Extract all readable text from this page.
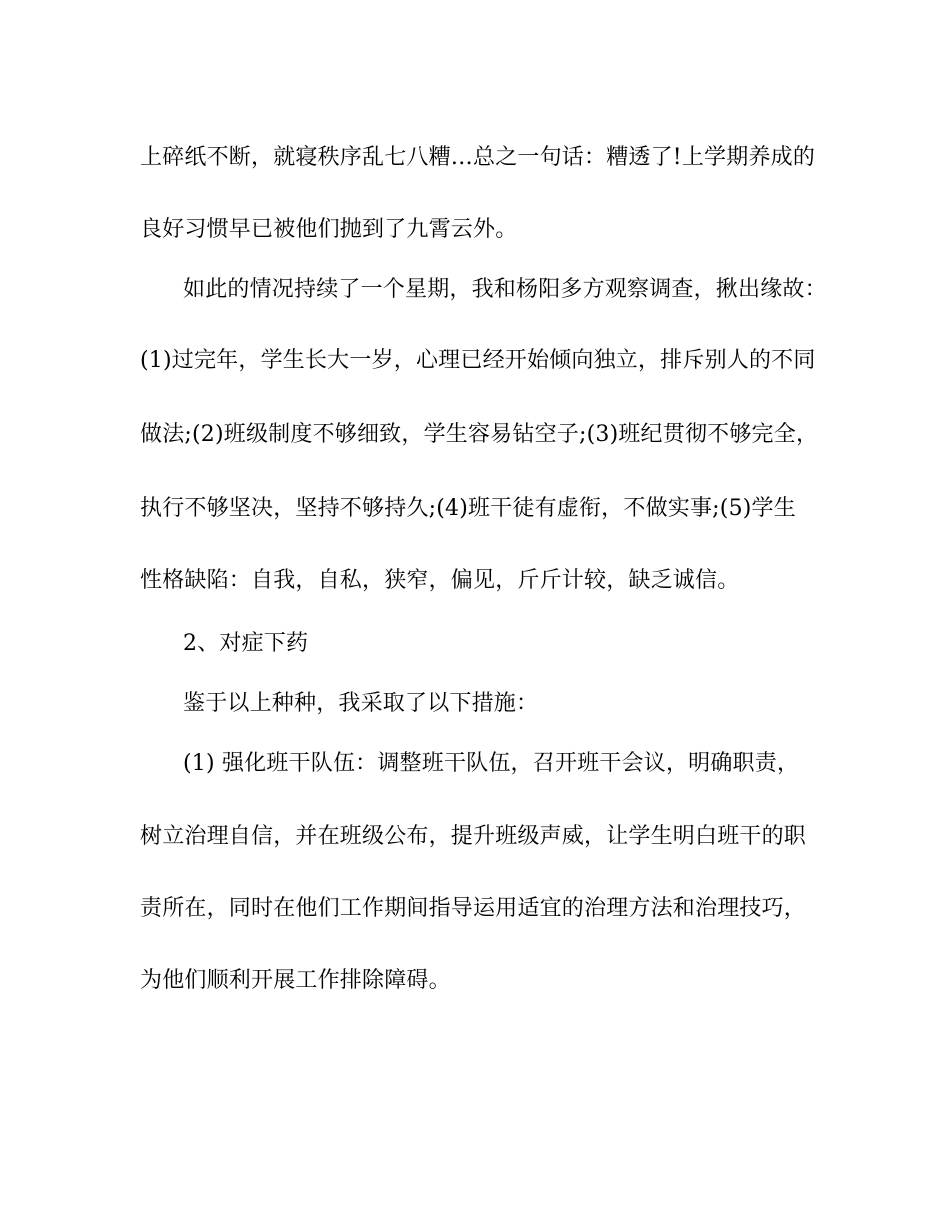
上碎纸不断，就寝秩序乱七八糟…总之一句话：糟透了!上学期养成的
良好习惯早已被他们抛到了九霄云外。
如此的情况持续了一个星期，我和杨阳多方观察调查，揪出缘故：
(1)过完年，学生长大一岁，心理已经开始倾向独立，排斥别人的不同
做法;(2)班级制度不够细致，学生容易钻空子;(3)班纪贯彻不够完全，
执行不够坚决，坚持不够持久;(4)班干徒有虚衔，不做实事;(5)学生
性格缺陷：自我，自私，狭窄，偏见，斤斤计较，缺乏诚信。
2、对症下药
鉴于以上种种，我采取了以下措施：
(1) 强化班干队伍：调整班干队伍，召开班干会议，明确职责，
树立治理自信，并在班级公布，提升班级声威，让学生明白班干的职
责所在，同时在他们工作期间指导运用适宜的治理方法和治理技巧，
为他们顺利开展工作排除障碍。
